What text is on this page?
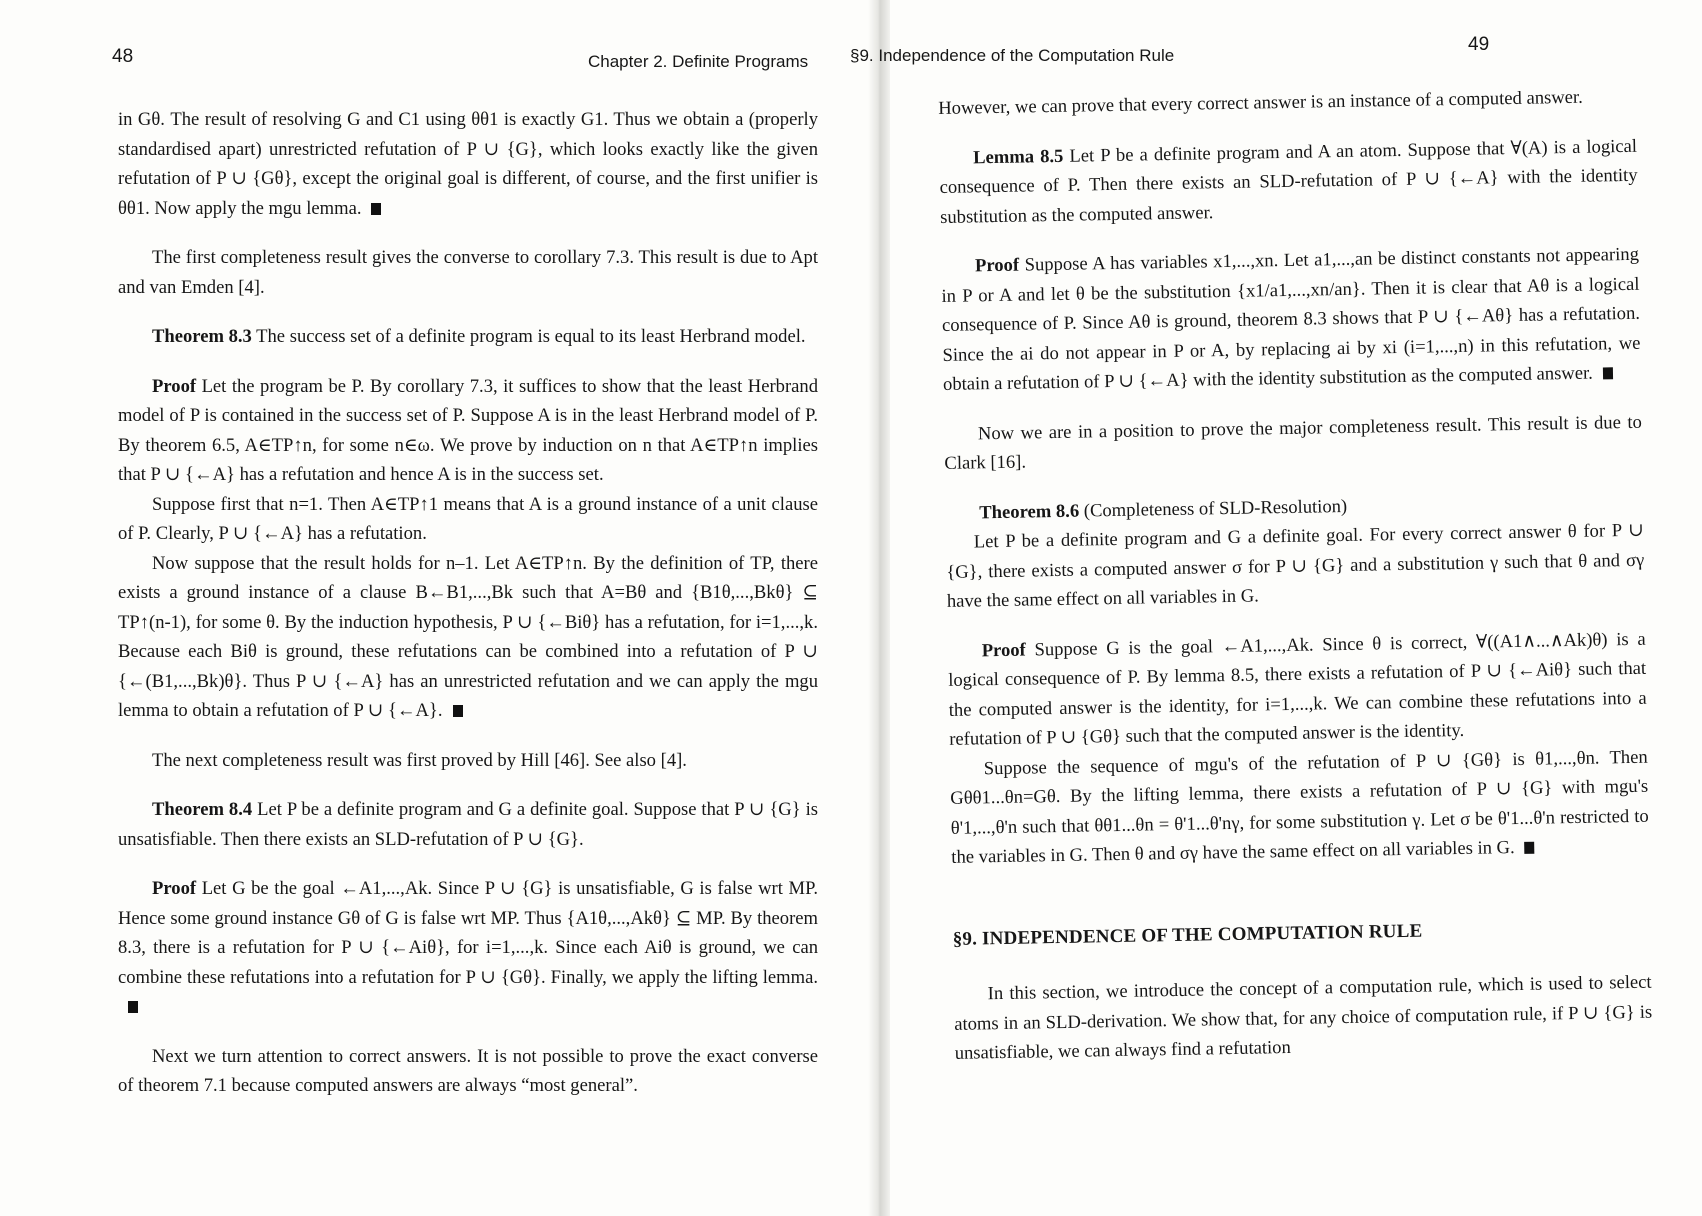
48	Chapter 2. Definite Programs

in Gθ. The result of resolving G and C1 using θθ1 is exactly G1. Thus we obtain a (properly standardised apart) unrestricted refutation of P ∪ {G}, which looks exactly like the given refutation of P ∪ {Gθ}, except the original goal is different, of course, and the first unifier is θθ1. Now apply the mgu lemma.

The first completeness result gives the converse to corollary 7.3. This result is due to Apt and van Emden [4].

Theorem 8.3 The success set of a definite program is equal to its least Herbrand model.

Proof Let the program be P. By corollary 7.3, it suffices to show that the least Herbrand model of P is contained in the success set of P. Suppose A is in the least Herbrand model of P. By theorem 6.5, A∈TP↑n, for some n∈ω. We prove by induction on n that A∈TP↑n implies that P ∪ {←A} has a refutation and hence A is in the success set.

Suppose first that n=1. Then A∈TP↑1 means that A is a ground instance of a unit clause of P. Clearly, P ∪ {←A} has a refutation.

Now suppose that the result holds for n–1. Let A∈TP↑n. By the definition of TP, there exists a ground instance of a clause B←B1,...,Bk such that A=Bθ and {B1θ,...,Bkθ} ⊆ TP↑(n-1), for some θ. By the induction hypothesis, P ∪ {←Biθ} has a refutation, for i=1,...,k. Because each Biθ is ground, these refutations can be combined into a refutation of P ∪ {←(B1,...,Bk)θ}. Thus P ∪ {←A} has an unrestricted refutation and we can apply the mgu lemma to obtain a refutation of P ∪ {←A}.

The next completeness result was first proved by Hill [46]. See also [4].

Theorem 8.4 Let P be a definite program and G a definite goal. Suppose that P ∪ {G} is unsatisfiable. Then there exists an SLD-refutation of P ∪ {G}.

Proof Let G be the goal ←A1,...,Ak. Since P ∪ {G} is unsatisfiable, G is false wrt MP. Hence some ground instance Gθ of G is false wrt MP. Thus {A1θ,...,Akθ} ⊆ MP. By theorem 8.3, there is a refutation for P ∪ {←Aiθ}, for i=1,...,k. Since each Aiθ is ground, we can combine these refutations into a refutation for P ∪ {Gθ}. Finally, we apply the lifting lemma.

Next we turn attention to correct answers. It is not possible to prove the exact converse of theorem 7.1 because computed answers are always “most general”.

§9. Independence of the Computation Rule
49

However, we can prove that every correct answer is an instance of a computed answer.

Lemma 8.5 Let P be a definite program and A an atom. Suppose that ∀(A) is a logical consequence of P. Then there exists an SLD-refutation of P ∪ {←A} with the identity substitution as the computed answer.

Proof Suppose A has variables x1,...,xn. Let a1,...,an be distinct constants not appearing in P or A and let θ be the substitution {x1/a1,...,xn/an}. Then it is clear that Aθ is a logical consequence of P. Since Aθ is ground, theorem 8.3 shows that P ∪ {←Aθ} has a refutation. Since the ai do not appear in P or A, by replacing ai by xi (i=1,...,n) in this refutation, we obtain a refutation of P ∪ {←A} with the identity substitution as the computed answer.

Now we are in a position to prove the major completeness result. This result is due to Clark [16].

Theorem 8.6 (Completeness of SLD-Resolution)

Let P be a definite program and G a definite goal. For every correct answer θ for P ∪ {G}, there exists a computed answer σ for P ∪ {G} and a substitution γ such that θ and σγ have the same effect on all variables in G.

Proof Suppose G is the goal ←A1,...,Ak. Since θ is correct, ∀((A1∧...∧Ak)θ) is a logical consequence of P. By lemma 8.5, there exists a refutation of P ∪ {←Aiθ} such that the computed answer is the identity, for i=1,...,k. We can combine these refutations into a refutation of P ∪ {Gθ} such that the computed answer is the identity.

Suppose the sequence of mgu's of the refutation of P ∪ {Gθ} is θ1,...,θn. Then Gθθ1...θn=Gθ. By the lifting lemma, there exists a refutation of P ∪ {G} with mgu's θ'1,...,θ'n such that θθ1...θn = θ'1...θ'nγ, for some substitution γ. Let σ be θ'1...θ'n restricted to the variables in G. Then θ and σγ have the same effect on all variables in G.

§9. INDEPENDENCE OF THE COMPUTATION RULE

In this section, we introduce the concept of a computation rule, which is used to select atoms in an SLD-derivation. We show that, for any choice of computation rule, if P ∪ {G} is unsatisfiable, we can always find a refutation
